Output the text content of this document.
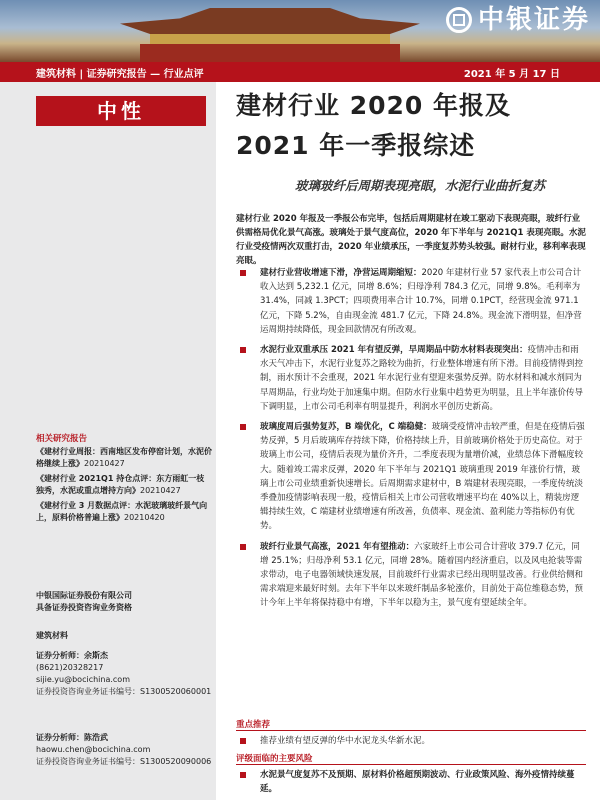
中银证券
建筑材料 | 证券研究报告 — 行业点评	2021 年 5 月 17 日
中性
相关研究报告
《建材行业周报：西南地区发布停窑计划，水泥价格继续上涨》20210427
《建材行业 2021Q1 持仓点评：东方雨虹一枝独秀，水泥或重点增持方向》20210427
《建材行业 3 月数据点评：水泥玻璃玻纤景气向上，原料价格普遍上涨》20210420
中银国际证券股份有限公司
具备证券投资咨询业务资格
建筑材料
证券分析师：余斯杰
(8621)20328217
sijie.yu@bocichina.com
证券投资咨询业务证书编号：S1300520060001
证券分析师：陈浩武
haowu.chen@bocichina.com
证券投资咨询业务证书编号：S1300520090006
建材行业 2020 年报及
2021 年一季报综述
玻璃玻纤后周期表现亮眼，水泥行业曲折复苏
建材行业 2020 年报及一季报公布完毕，包括后周期建材在竣工驱动下表现亮眼，玻纤行业供需格局优化景气高涨。玻璃处于景气度高位，2020 年下半年与 2021Q1 表现亮眼。水泥行业受疫情两次双重打击，2020 年业绩承压，一季度复苏势头较强。耐材行业，移利率表现亮眼。
建材行业营收增速下滑，净营运周期缩短：2020 年建材行业 57 家代表上市公司合计收入达到 5,232.1 亿元，同增 8.6%；归母净利 784.3 亿元，同增 9.8%。毛利率为 31.4%，同减 1.3PCT；四项费用率合计 10.7%，同增 0.1PCT，经营现金流 971.1 亿元，下降 5.2%，自由现金流 481.7 亿元，下降 24.8%。现金流下滑明显，但净营运周期持续降低，现金回款情况有所改观。
水泥行业双重承压 2021 年有望反弹，早周期品中防水材料表现突出：疫情冲击和雨水天气冲击下，水泥行业复苏之路较为曲折，行业整体增速有所下滑。目前疫情得到控制，雨水预计不会重现，2021 年水泥行业有望迎来强势反弹。防水材料和减水剂同为早周期品，行业均处于加速集中期。但防水行业集中趋势更为明显，且上半年涨价传导下调明显，上市公司毛利率有明显提升，利润水平创历史新高。
玻璃度周后强势复苏，B 端优化，C 端稳健：玻璃受疫情冲击较严重，但是在疫情后强势反弹，5 月后玻璃库存持续下降，价格持续上升，目前玻璃价格处于历史高位。对于玻璃上市公司，疫情后表现为量价齐升，二季度表现为量增价减，业绩总体下滑幅度较大。随着竣工需求反弹，2020 年下半年与 2021Q1 玻璃重现 2019 年涨价行情，玻璃上市公司业绩重新快速增长。后周期需求建材中，B 端建材表现亮眼，一季度传统淡季叠加疫情影响表现一般，疫情后相关上市公司营收增速平均在 40%以上，精装房逻辑持续生效，C 端建材业绩增速有所改善，负债率、现金流、盈利能力等指标仍有优势。
玻纤行业景气高涨，2021 年有望推动：六家玻纤上市公司合计营收 379.7 亿元，同增 25.1%；归母净利 53.1 亿元，同增 28%。随着国内经济重启，以及风电抢装等需求带动，电子电器领域快速发展，目前玻纤行业需求已经出现明显改善。行业供给侧和需求端迎来最好时刻。去年下半年以来玻纤制品多轮涨价，目前处于高位维稳态势，预计今年上半年将保持稳中有增，下半年以稳为主，景气度有望延续全年。
重点推荐
推荐业绩有望反弹的华中水泥龙头华新水泥。
评级面临的主要风险
水泥景气度复苏不及预期、原材料价格超预期波动、行业政策风险、海外疫情持续蔓延。
